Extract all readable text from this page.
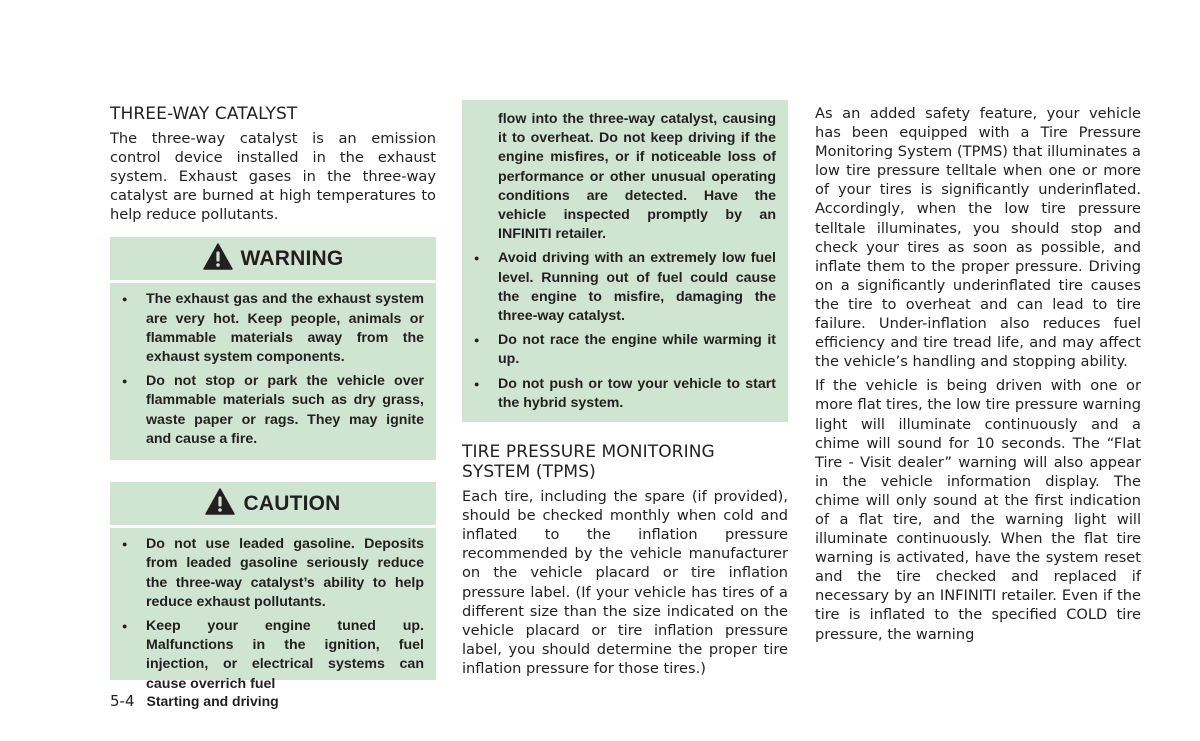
THREE-WAY CATALYST

The three-way catalyst is an emission control device installed in the exhaust system. Exhaust gases in the three-way catalyst are burned at high temperatures to help reduce pollutants.

WARNING
● The exhaust gas and the exhaust system are very hot. Keep people, animals or flammable materials away from the exhaust system components.
● Do not stop or park the vehicle over flammable materials such as dry grass, waste paper or rags. They may ignite and cause a fire.
CAUTION
● Do not use leaded gasoline. Deposits from leaded gasoline seriously reduce the three-way catalyst’s ability to help reduce exhaust pollutants.
● Keep your engine tuned up. Malfunctions in the ignition, fuel injection, or electrical systems can cause overrich fuel

flow into the three-way catalyst, causing it to overheat. Do not keep driving if the engine misfires, or if noticeable loss of performance or other unusual operating conditions are detected. Have the vehicle inspected promptly by an INFINITI retailer.

● Avoid driving with an extremely low fuel level. Running out of fuel could cause the engine to misfire, damaging the three-way catalyst.
● Do not race the engine while warming it up.
● Do not push or tow your vehicle to start the hybrid system.
TIRE PRESSURE MONITORING SYSTEM (TPMS)

Each tire, including the spare (if provided), should be checked monthly when cold and inflated to the inflation pressure recommended by the vehicle manufacturer on the vehicle placard or tire inflation pressure label. (If your vehicle has tires of a different size than the size indicated on the vehicle placard or tire inflation pressure label, you should determine the proper tire inflation pressure for those tires.)

As an added safety feature, your vehicle has been equipped with a Tire Pressure Monitoring System (TPMS) that illuminates a low tire pressure telltale when one or more of your tires is significantly underinflated. Accordingly, when the low tire pressure telltale illuminates, you should stop and check your tires as soon as possible, and inflate them to the proper pressure. Driving on a significantly underinflated tire causes the tire to overheat and can lead to tire failure. Under-inflation also reduces fuel efficiency and tire tread life, and may affect the vehicle’s handling and stopping ability.

If the vehicle is being driven with one or more flat tires, the low tire pressure warning light will illuminate continuously and a chime will sound for 10 seconds. The “Flat Tire - Visit dealer” warning will also appear in the vehicle information display. The chime will only sound at the first indication of a flat tire, and the warning light will illuminate continuously. When the flat tire warning is activated, have the system reset and the tire checked and replaced if necessary by an INFINITI retailer. Even if the tire is inflated to the specified COLD tire pressure, the warning

5-4 Starting and driving
